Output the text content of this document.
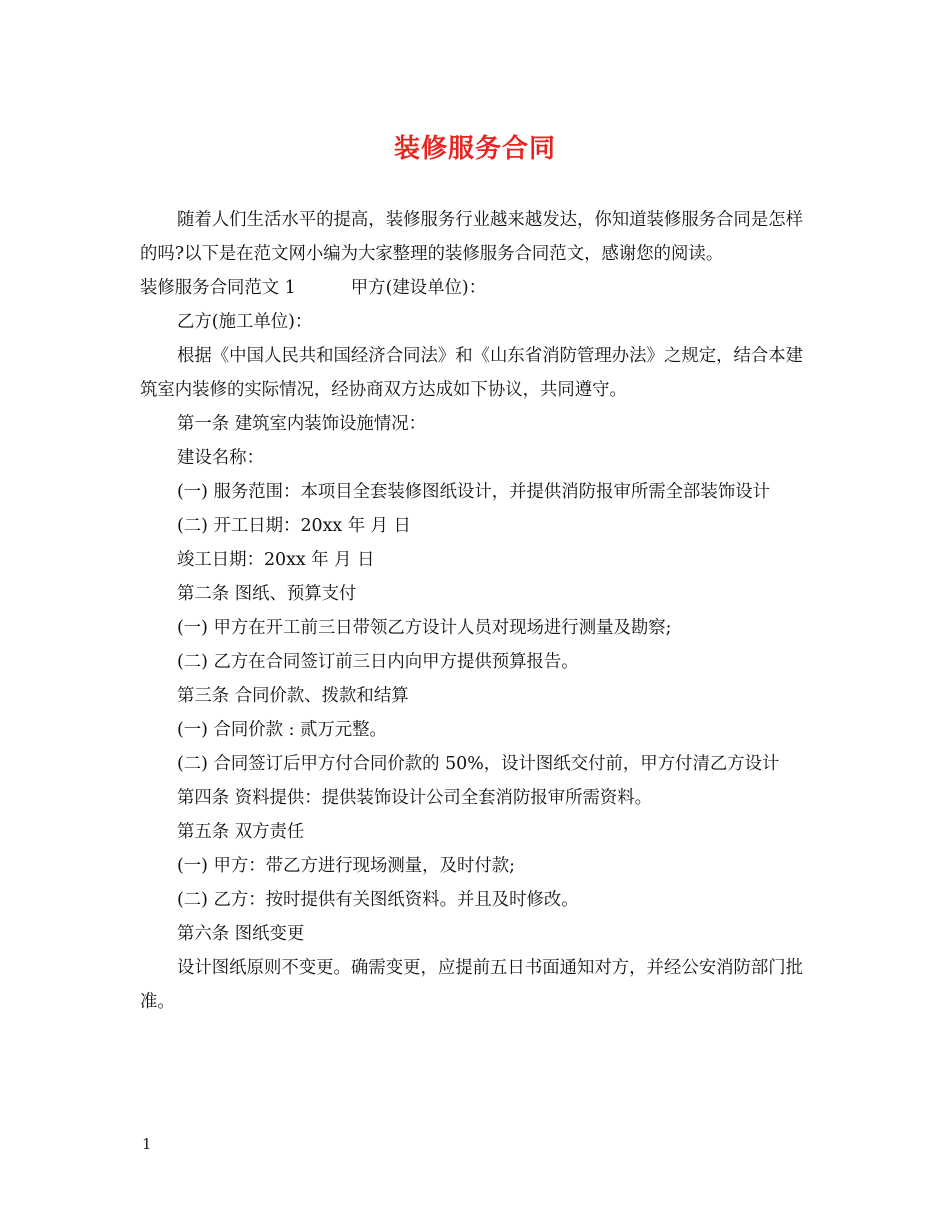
装修服务合同

随着人们生活水平的提高，装修服务行业越来越发达，你知道装修服务合同是怎样的吗?以下是在范文网小编为大家整理的装修服务合同范文，感谢您的阅读。

装修服务合同范文 1	甲方(建设单位)：

乙方(施工单位)：

根据《中国人民共和国经济合同法》和《山东省消防管理办法》之规定，结合本建筑室内装修的实际情况，经协商双方达成如下协议，共同遵守。

第一条 建筑室内装饰设施情况：

建设名称：

(一) 服务范围：本项目全套装修图纸设计，并提供消防报审所需全部装饰设计

(二) 开工日期：20xx 年 月 日

竣工日期：20xx 年 月 日

第二条 图纸、预算支付

(一) 甲方在开工前三日带领乙方设计人员对现场进行测量及勘察;

(二) 乙方在合同签订前三日内向甲方提供预算报告。

第三条 合同价款、拨款和结算

(一) 合同价款 : 贰万元整。

(二) 合同签订后甲方付合同价款的 50%，设计图纸交付前，甲方付清乙方设计

第四条 资料提供：提供装饰设计公司全套消防报审所需资料。

第五条 双方责任

(一) 甲方：带乙方进行现场测量，及时付款;

(二) 乙方：按时提供有关图纸资料。并且及时修改。

第六条 图纸变更

设计图纸原则不变更。确需变更，应提前五日书面通知对方，并经公安消防部门批准。

1
